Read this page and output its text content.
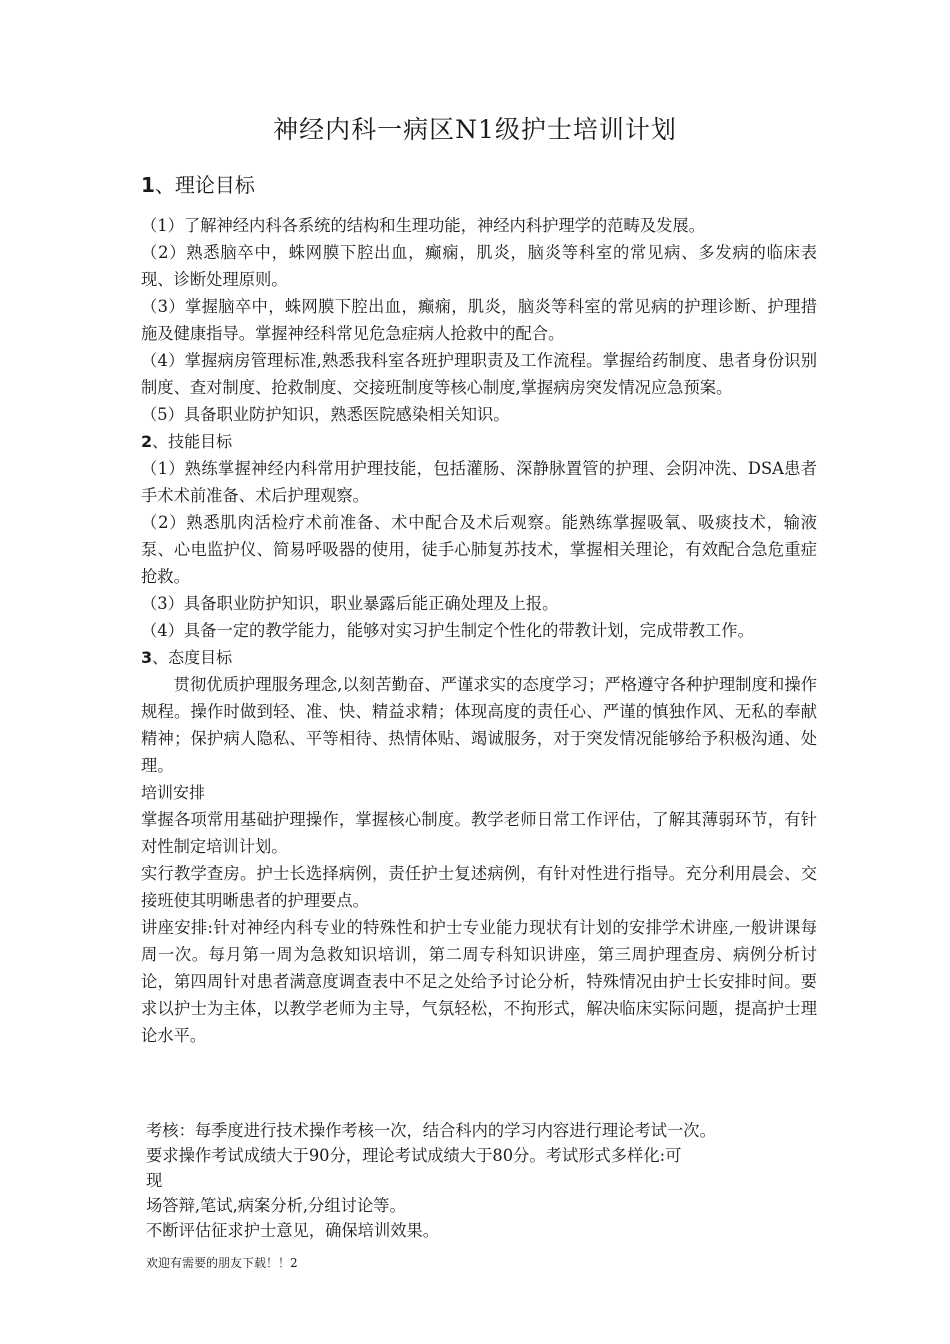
神经内科一病区N1级护士培训计划
1、理论目标

（1）了解神经内科各系统的结构和生理功能，神经内科护理学的范畴及发展。

（2）熟悉脑卒中，蛛网膜下腔出血，癫痫，肌炎，脑炎等科室的常见病、多发病的临床表现、诊断处理原则。

（3）掌握脑卒中，蛛网膜下腔出血，癫痫，肌炎，脑炎等科室的常见病的护理诊断、护理措施及健康指导。掌握神经科常见危急症病人抢救中的配合。

（4）掌握病房管理标准,熟悉我科室各班护理职责及工作流程。掌握给药制度、患者身份识别制度、查对制度、抢救制度、交接班制度等核心制度,掌握病房突发情况应急预案。

（5）具备职业防护知识，熟悉医院感染相关知识。

2、技能目标

（1）熟练掌握神经内科常用护理技能，包括灌肠、深静脉置管的护理、会阴冲洗、DSA患者手术术前准备、术后护理观察。

（2）熟悉肌肉活检疗术前准备、术中配合及术后观察。能熟练掌握吸氧、吸痰技术，输液泵、心电监护仪、简易呼吸器的使用，徒手心肺复苏技术，掌握相关理论，有效配合急危重症抢救。

（3）具备职业防护知识，职业暴露后能正确处理及上报。

（4）具备一定的教学能力，能够对实习护生制定个性化的带教计划，完成带教工作。

3、态度目标

贯彻优质护理服务理念,以刻苦勤奋、严谨求实的态度学习；严格遵守各种护理制度和操作规程。操作时做到轻、准、快、精益求精；体现高度的责任心、严谨的慎独作风、无私的奉献精神；保护病人隐私、平等相待、热情体贴、竭诚服务，对于突发情况能够给予积极沟通、处理。

培训安排

掌握各项常用基础护理操作，掌握核心制度。教学老师日常工作评估，了解其薄弱环节，有针对性制定培训计划。

实行教学查房。护士长选择病例，责任护士复述病例，有针对性进行指导。充分利用晨会、交接班使其明晰患者的护理要点。

讲座安排:针对神经内科专业的特殊性和护士专业能力现状有计划的安排学术讲座,一般讲课每周一次。每月第一周为急救知识培训，第二周专科知识讲座，第三周护理查房、病例分析讨论，第四周针对患者满意度调查表中不足之处给予讨论分析，特殊情况由护士长安排时间。要求以护士为主体，以教学老师为主导，气氛轻松，不拘形式，解决临床实际问题，提高护士理论水平。

考核：每季度进行技术操作考核一次，结合科内的学习内容进行理论考试一次。

要求操作考试成绩大于90分，理论考试成绩大于80分。考试形式多样化:可

现

场答辩,笔试,病案分析,分组讨论等。

不断评估征求护士意见，确保培训效果。

欢迎有需要的朋友下载！！2
